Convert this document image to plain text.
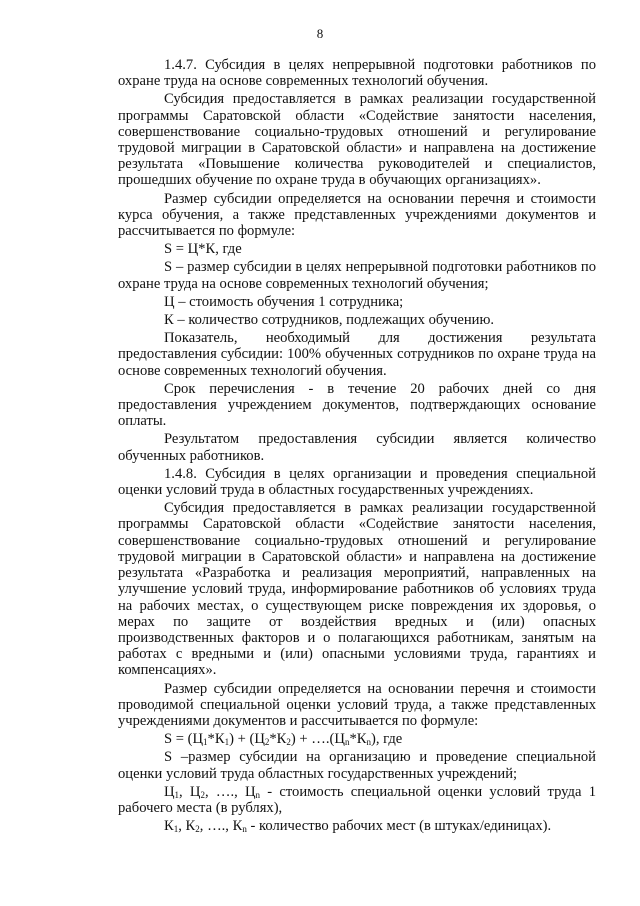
8

1.4.7. Субсидия в целях непрерывной подготовки работников по охране труда на основе современных технологий обучения.

Субсидия предоставляется в рамках реализации государственной программы Саратовской области «Содействие занятости населения, совершенствование социально-трудовых отношений и регулирование трудовой миграции в Саратовской области» и направлена на достижение результата «Повышение количества руководителей и специалистов, прошедших обучение по охране труда в обучающих организациях».

Размер субсидии определяется на основании перечня и стоимости курса обучения, а также представленных учреждениями документов и рассчитывается по формуле:

S = Ц*К, где

S – размер субсидии в целях непрерывной подготовки работников по охране труда на основе современных технологий обучения;

Ц – стоимость обучения 1 сотрудника;

К – количество сотрудников, подлежащих обучению.

Показатель, необходимый для достижения результата предоставления субсидии: 100% обученных сотрудников по охране труда на основе современных технологий обучения.

Срок перечисления - в течение 20 рабочих дней со дня предоставления учреждением документов, подтверждающих основание оплаты.

Результатом предоставления субсидии является количество обученных работников.

1.4.8. Субсидия в целях организации и проведения специальной оценки условий труда в областных государственных учреждениях.

Субсидия предоставляется в рамках реализации государственной программы Саратовской области «Содействие занятости населения, совершенствование социально-трудовых отношений и регулирование трудовой миграции в Саратовской области» и направлена на достижение результата «Разработка и реализация мероприятий, направленных на улучшение условий труда, информирование работников об условиях труда на рабочих местах, о существующем риске повреждения их здоровья, о мерах по защите от воздействия вредных и (или) опасных производственных факторов и о полагающихся работникам, занятым на работах с вредными и (или) опасными условиями труда, гарантиях и компенсациях».

Размер субсидии определяется на основании перечня и стоимости проводимой специальной оценки условий труда, а также представленных учреждениями документов и рассчитывается по формуле:

$S = (Ц_1*К_1) + (Ц_2*К_2)$ + $\dots.(Ц_n*К_n)$, где

S –размер субсидии на организацию и проведение специальной оценки условий труда областных государственных учреждений;

$Ц_1$, $Ц_2$, …., $Ц_n$ - стоимость специальной оценки условий труда 1 рабочего места (в рублях),

$К_1$, $К_2$, …., $К_n$ - количество рабочих мест (в штуках/единицах).
